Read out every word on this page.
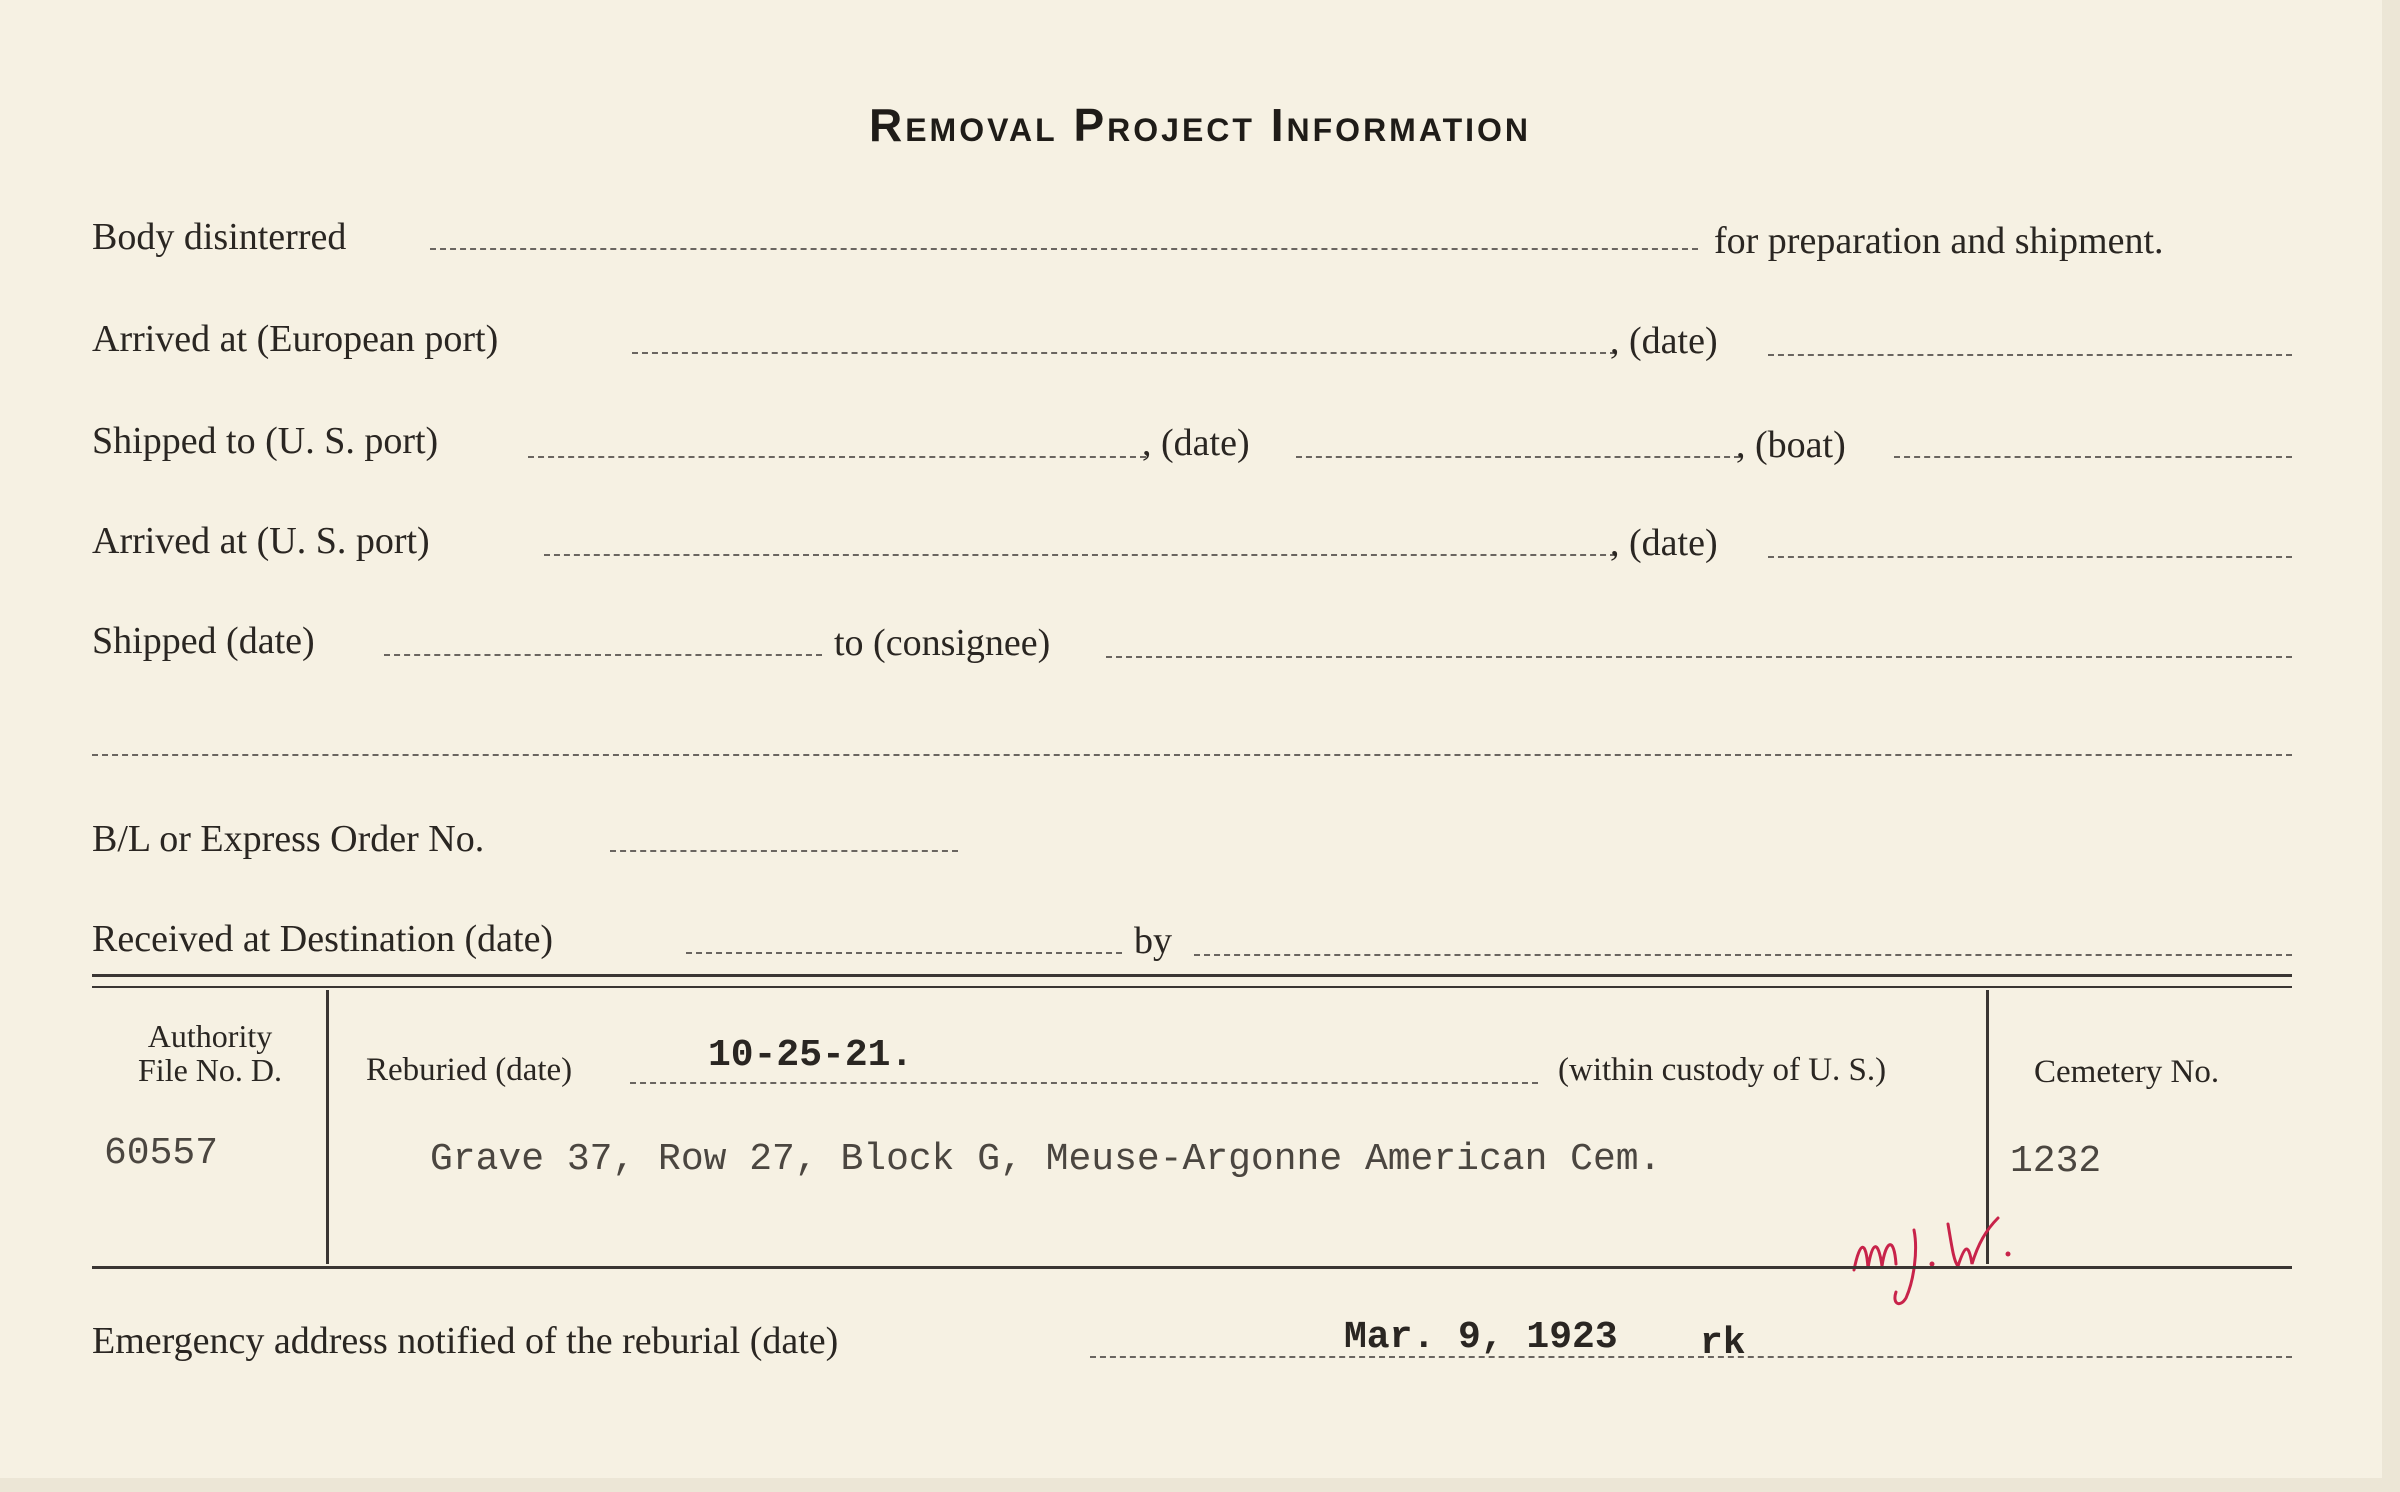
Removal Project Information
Body disinterred	for preparation and shipment.
Arrived at (European port)	, (date)
Shipped to (U. S. port)	, (date)	, (boat)
Arrived at (U. S. port)	, (date)
Shipped (date)	to (consignee)
B/L or Express Order No.
Received at Destination (date)	by
Authority
File No. D.	Reburied (date)	10-25-21.	(within custody of U. S.)	Cemetery No.
60557	Grave 37, Row 27, Block G, Meuse-Argonne American Cem.	1232
Emergency address notified of the reburial (date)	Mar. 9, 1923 rk
